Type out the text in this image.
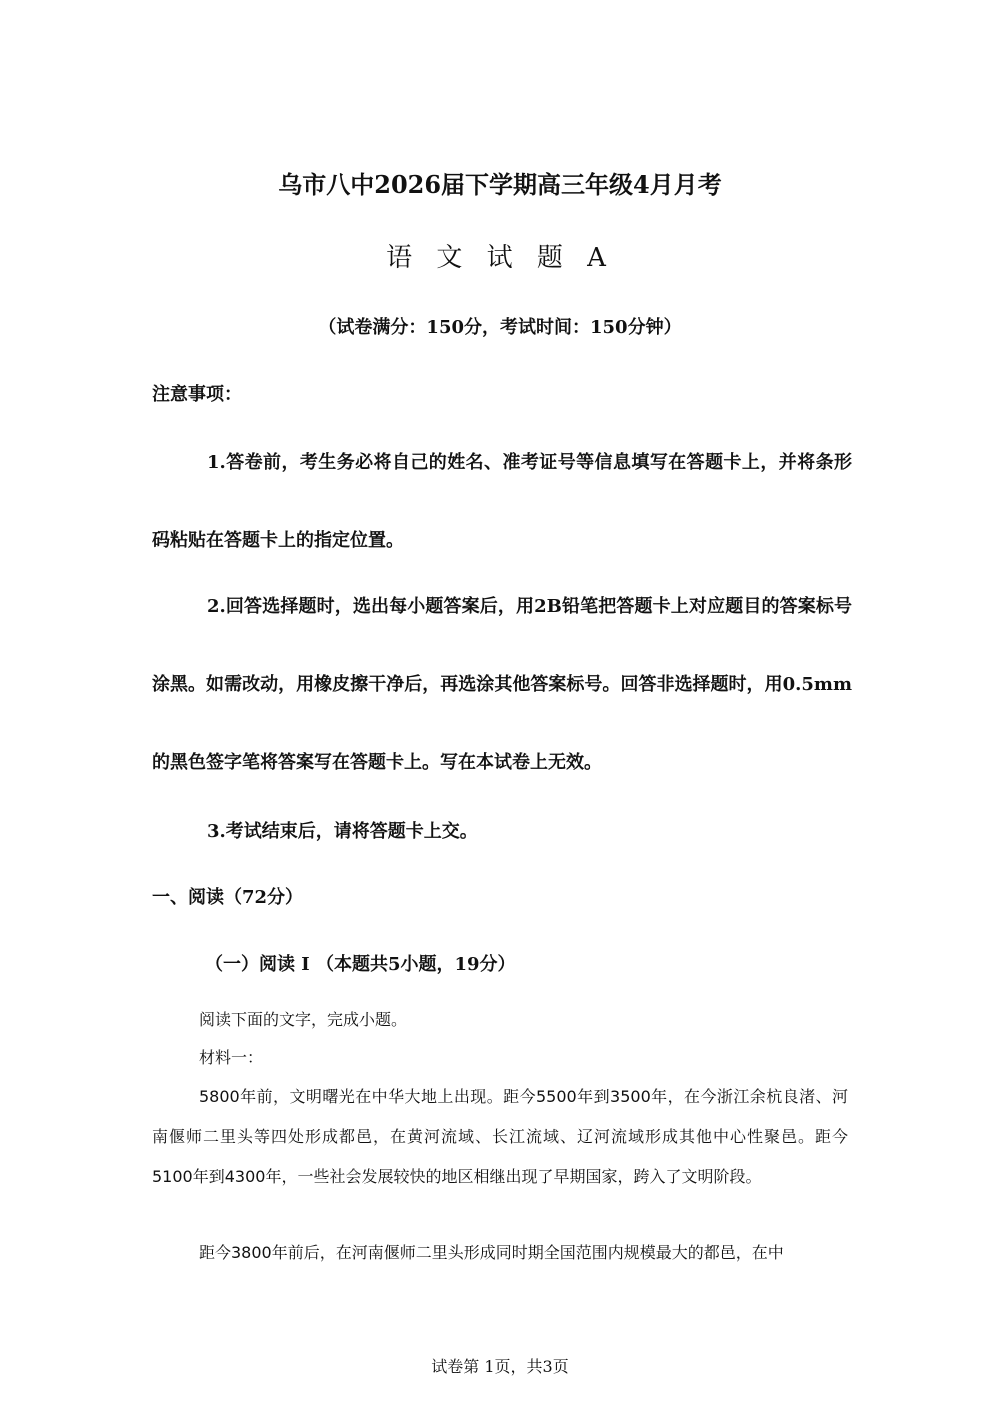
乌市八中2026届下学期高三年级4月月考
语 文 试 题 A
（试卷满分：150分，考试时间：150分钟）
注意事项：
1.答卷前，考生务必将自己的姓名、准考证号等信息填写在答题卡上，并将条形码粘贴在答题卡上的指定位置。
2.回答选择题时，选出每小题答案后，用2B铅笔把答题卡上对应题目的答案标号涂黑。如需改动，用橡皮擦干净后，再选涂其他答案标号。回答非选择题时，用0.5mm的黑色签字笔将答案写在答题卡上。写在本试卷上无效。
3.考试结束后，请将答题卡上交。
一、阅读（72分）
（一）阅读 I （本题共5小题，19分）
阅读下面的文字，完成小题。
材料一：
5800年前，文明曙光在中华大地上出现。距今5500年到3500年，在今浙江余杭良渚、河南偃师二里头等四处形成都邑，在黄河流域、长江流域、辽河流域形成其他中心性聚邑。距今5100年到4300年，一些社会发展较快的地区相继出现了早期国家，跨入了文明阶段。
距今3800年前后，在河南偃师二里头形成同时期全国范围内规模最大的都邑，在中
试卷第 1页，共3页
